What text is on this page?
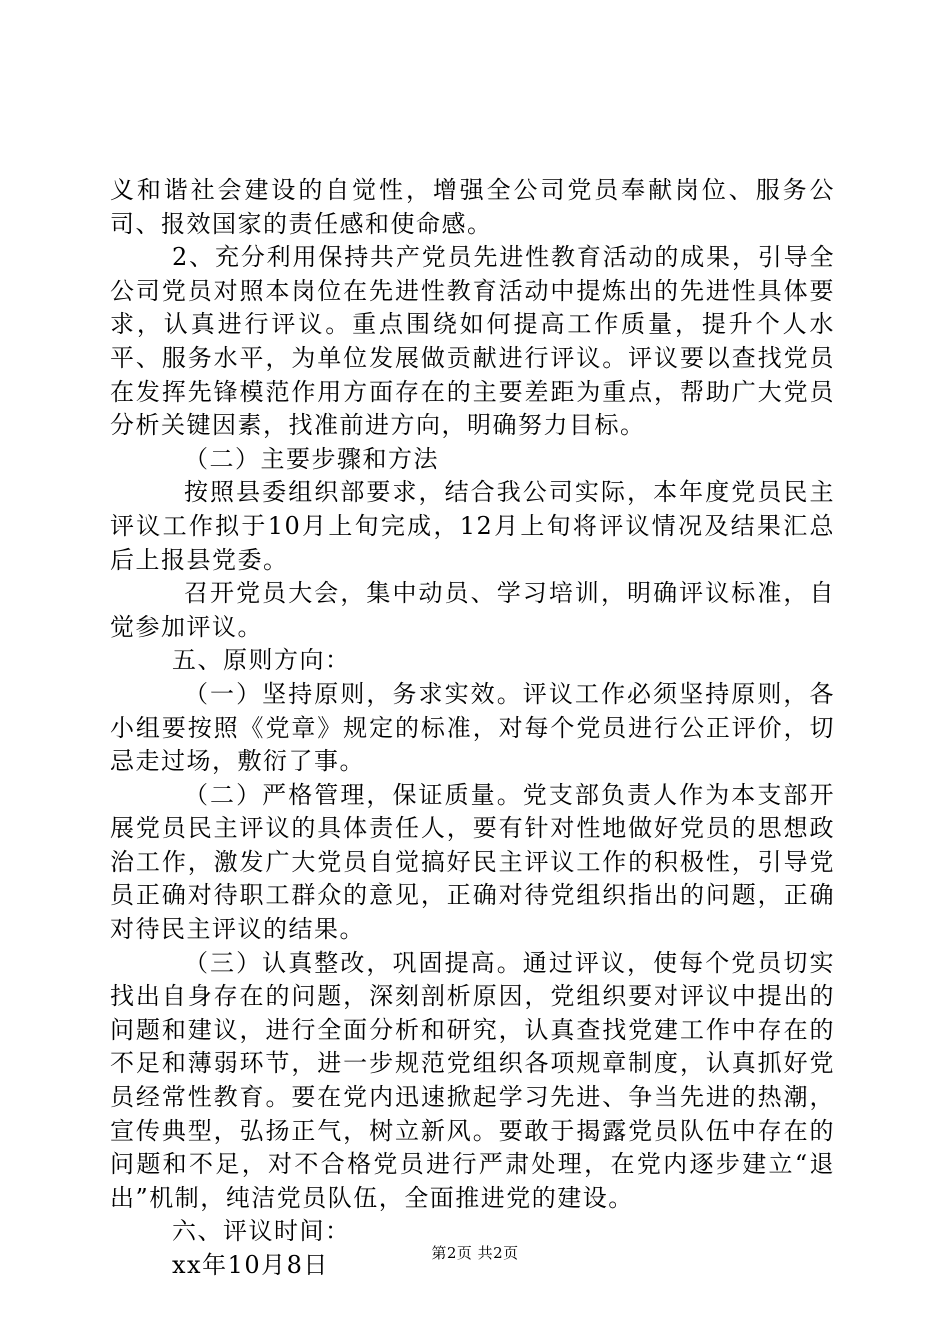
义和谐社会建设的自觉性，增强全公司党员奉献岗位、服务公司、报效国家的责任感和使命感。

2、充分利用保持共产党员先进性教育活动的成果，引导全公司党员对照本岗位在先进性教育活动中提炼出的先进性具体要求，认真进行评议。重点围绕如何提高工作质量，提升个人水平、服务水平，为单位发展做贡献进行评议。评议要以查找党员在发挥先锋模范作用方面存在的主要差距为重点，帮助广大党员分析关键因素，找准前进方向，明确努力目标。

（二）主要步骤和方法

按照县委组织部要求，结合我公司实际，本年度党员民主评议工作拟于10月上旬完成，12月上旬将评议情况及结果汇总后上报县党委。

召开党员大会，集中动员、学习培训，明确评议标准，自觉参加评议。

五、原则方向：

（一）坚持原则，务求实效。评议工作必须坚持原则，各小组要按照《党章》规定的标准，对每个党员进行公正评价，切忌走过场，敷衍了事。

（二）严格管理，保证质量。党支部负责人作为本支部开展党员民主评议的具体责任人，要有针对性地做好党员的思想政治工作，激发广大党员自觉搞好民主评议工作的积极性，引导党员正确对待职工群众的意见，正确对待党组织指出的问题，正确对待民主评议的结果。

（三）认真整改，巩固提高。通过评议，使每个党员切实找出自身存在的问题，深刻剖析原因，党组织要对评议中提出的问题和建议，进行全面分析和研究，认真查找党建工作中存在的不足和薄弱环节，进一步规范党组织各项规章制度，认真抓好党员经常性教育。要在党内迅速掀起学习先进、争当先进的热潮，宣传典型，弘扬正气，树立新风。要敢于揭露党员队伍中存在的问题和不足，对不合格党员进行严肃处理，在党内逐步建立“退出”机制，纯洁党员队伍，全面推进党的建设。

六、评议时间：

xx年10月8日	第2页 共2页
